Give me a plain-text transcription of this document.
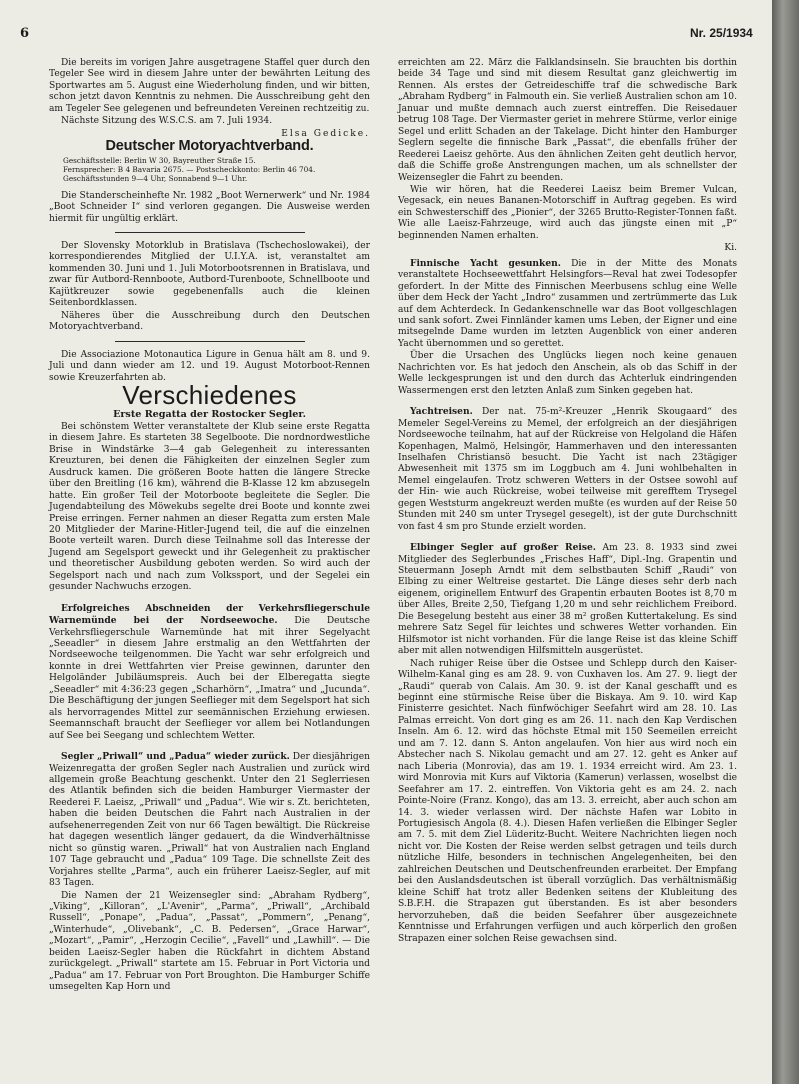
6	Nr. 25/1934

Die bereits im vorigen Jahre ausgetragene Staffel quer durch den Tegeler See wird in diesem Jahre unter der bewährten Leitung des Sportwartes am 5. August eine Wiederholung finden, und wir bitten, schon jetzt davon Kenntnis zu nehmen. Die Ausschreibung geht den am Tegeler See gelegenen und befreundeten Vereinen rechtzeitig zu.

Nächste Sitzung des W.S.C.S. am 7. Juli 1934.

Elsa Gedicke.

Deutscher Motoryachtverband.
Geschäftsstelle: Berlin W 30, Bayreuther Straße 15.
Fernsprecher: B 4 Bavaria 2675. — Postscheckkonto: Berlin 46 704.
Geschäftsstunden 9—4 Uhr, Sonnabend 9—1 Uhr.

Die Standerscheinhefte Nr. 1982 „Boot Wernerwerk“ und Nr. 1984 „Boot Schneider I“ sind verloren gegangen. Die Ausweise werden hiermit für ungültig erklärt.

Der Slovensky Motorklub in Bratislava (Tschechoslowakei), der korrespondierendes Mitglied der U.I.Y.A. ist, veranstaltet am kommenden 30. Juni und 1. Juli Motorbootsrennen in Bratislava, und zwar für Autbord-Rennboote, Autbord-Turenboote, Schnellboote und Kajütkreuzer sowie gegebenenfalls auch die kleinen Seitenbordklassen.

Näheres über die Ausschreibung durch den Deutschen Motoryachtverband.

Die Associazione Motonautica Ligure in Genua hält am 8. und 9. Juli und dann wieder am 12. und 19. August Motorboot-Rennen sowie Kreuzerfahrten ab.

Verschiedenes
Erste Regatta der Rostocker Segler.

Bei schönstem Wetter veranstaltete der Klub seine erste Regatta in diesem Jahre. Es starteten 38 Segelboote. Die nordnordwestliche Brise in Windstärke 3—4 gab Gelegenheit zu interessanten Kreuzturen, bei denen die Fähigkeiten der einzelnen Segler zum Ausdruck kamen. Die größeren Boote hatten die längere Strecke über den Breitling (16 km), während die B-Klasse 12 km abzusegeln hatte. Ein großer Teil der Motorboote begleitete die Segler. Die Jugendabteilung des Möwekubs segelte drei Boote und konnte zwei Preise erringen. Ferner nahmen an dieser Regatta zum ersten Male 20 Mitglieder der Marine-Hitler-Jugend teil, die auf die einzelnen Boote verteilt waren. Durch diese Teilnahme soll das Interesse der Jugend am Segelsport geweckt und ihr Gelegenheit zu praktischer und theoretischer Ausbildung geboten werden. So wird auch der Segelsport nach und nach zum Volkssport, und der Segelei ein gesunder Nachwuchs erzogen.

Erfolgreiches Abschneiden der Verkehrsfliegerschule Warnemünde bei der Nordseewoche. Die Deutsche Verkehrsfliegerschule Warnemünde hat mit ihrer Segelyacht „Seeadler“ in diesem Jahre erstmalig an den Wettfahrten der Nordseewoche teilgenommen. Die Yacht war sehr erfolgreich und konnte in drei Wettfahrten vier Preise gewinnen, darunter den Helgoländer Jubiläumspreis. Auch bei der Elberegatta siegte „Seeadler“ mit 4:36:23 gegen „Scharhörn“, „Imatra“ und „Jucunda“. Die Beschäftigung der jungen Seeflieger mit dem Segelsport hat sich als hervorragendes Mittel zur seemännischen Erziehung erwiesen. Seemannschaft braucht der Seeflieger vor allem bei Notlandungen auf See bei Seegang und schlechtem Wetter.

Segler „Priwall“ und „Padua“ wieder zurück. Der diesjährigen Weizenregatta der großen Segler nach Australien und zurück wird allgemein große Beachtung geschenkt. Unter den 21 Seglerriesen des Atlantik befinden sich die beiden Hamburger Viermaster der Reederei F. Laeisz, „Priwall“ und „Padua“. Wie wir s. Zt. berichteten, haben die beiden Deutschen die Fahrt nach Australien in der aufsehenerregenden Zeit von nur 66 Tagen bewältigt. Die Rückreise hat dagegen wesentlich länger gedauert, da die Windverhältnisse nicht so günstig waren. „Priwall“ hat von Australien nach England 107 Tage gebraucht und „Padua“ 109 Tage. Die schnellste Zeit des Vorjahres stellte „Parma“, auch ein früherer Laeisz-Segler, auf mit 83 Tagen.

Die Namen der 21 Weizensegler sind: „Abraham Rydberg“, „Viking“, „Killoran“, „L'Avenir“, „Parma“, „Priwall“, „Archibald Russell“, „Ponape“, „Padua“, „Passat“, „Pommern“, „Penang“, „Winterhude“, „Olivebank“, „C. B. Pedersen“, „Grace Harwar“, „Mozart“, „Pamir“, „Herzogin Cecilie“, „Favell“ und „Lawhill“. — Die beiden Laeisz-Segler haben die Rückfahrt in dichtem Abstand zurückgelegt. „Priwall“ startete am 15. Februar in Port Victoria und „Padua“ am 17. Februar von Port Broughton. Die Hamburger Schiffe umsegelten Kap Horn und

erreichten am 22. März die Falklandsinseln. Sie brauchten bis dorthin beide 34 Tage und sind mit diesem Resultat ganz gleichwertig im Rennen. Als erstes der Getreideschiffe traf die schwedische Bark „Abraham Rydberg“ in Falmouth ein. Sie verließ Australien schon am 10. Januar und mußte demnach auch zuerst eintreffen. Die Reisedauer betrug 108 Tage. Der Viermaster geriet in mehrere Stürme, verlor einige Segel und erlitt Schaden an der Takelage. Dicht hinter den Hamburger Seglern segelte die finnische Bark „Passat“, die ebenfalls früher der Reederei Laeisz gehörte. Aus den ähnlichen Zeiten geht deutlich hervor, daß die Schiffe große Anstrengungen machen, um als schnellster der Weizensegler die Fahrt zu beenden.

Wie wir hören, hat die Reederei Laeisz beim Bremer Vulcan, Vegesack, ein neues Bananen-Motorschiff in Auftrag gegeben. Es wird ein Schwesterschiff des „Pionier“, der 3265 Brutto-Register-Tonnen faßt. Wie alle Laeisz-Fahrzeuge, wird auch das jüngste einen mit „P“ beginnenden Namen erhalten.

Ki.

Finnische Yacht gesunken. Die in der Mitte des Monats veranstaltete Hochseewettfahrt Helsingfors—Reval hat zwei Todesopfer gefordert. In der Mitte des Finnischen Meerbusens schlug eine Welle über dem Heck der Yacht „Indro“ zusammen und zertrümmerte das Luk auf dem Achterdeck. In Gedankenschnelle war das Boot vollgeschlagen und sank sofort. Zwei Finnländer kamen ums Leben, der Eigner und eine mitsegelnde Dame wurden im letzten Augenblick von einer anderen Yacht übernommen und so gerettet.

Über die Ursachen des Unglücks liegen noch keine genauen Nachrichten vor. Es hat jedoch den Anschein, als ob das Schiff in der Welle leckgesprungen ist und den durch das Achterluk eindringenden Wassermengen erst den letzten Anlaß zum Sinken gegeben hat.

Yachtreisen. Der nat. 75-m²-Kreuzer „Henrik Skougaard“ des Memeler Segel-Vereins zu Memel, der erfolgreich an der diesjährigen Nordseewoche teilnahm, hat auf der Rückreise von Helgoland die Häfen Kopenhagen, Malmö, Helsingör, Hammerhaven und den interessanten Inselhafen Christiansö besucht. Die Yacht ist nach 23tägiger Abwesenheit mit 1375 sm im Loggbuch am 4. Juni wohlbehalten in Memel eingelaufen. Trotz schweren Wetters in der Ostsee sowohl auf der Hin- wie auch Rückreise, wobei teilweise mit gerefftem Trysegel gegen Weststurm angekreuzt werden mußte (es wurden auf der Reise 50 Stunden mit 240 sm unter Trysegel gesegelt), ist der gute Durchschnitt von fast 4 sm pro Stunde erzielt worden.

Elbinger Segler auf großer Reise. Am 23. 8. 1933 sind zwei Mitglieder des Seglerbundes „Frisches Haff“, Dipl.-Ing. Grapentin und Steuermann Joseph Arndt mit dem selbstbauten Schiff „Raudi“ von Elbing zu einer Weltreise gestartet. Die Länge dieses sehr derb nach eigenem, originellem Entwurf des Grapentin erbauten Bootes ist 8,70 m über Alles, Breite 2,50, Tiefgang 1,20 m und sehr reichlichem Freibord. Die Besegelung besteht aus einer 38 m² großen Kuttertakelung. Es sind mehrere Satz Segel für leichtes und schweres Wetter vorhanden. Ein Hilfsmotor ist nicht vorhanden. Für die lange Reise ist das kleine Schiff aber mit allen notwendigen Hilfsmitteln ausgerüstet.

Nach ruhiger Reise über die Ostsee und Schlepp durch den Kaiser-Wilhelm-Kanal ging es am 28. 9. von Cuxhaven los. Am 27. 9. liegt der „Raudi“ querab von Calais. Am 30. 9. ist der Kanal geschafft und es beginnt eine stürmische Reise über die Biskaya. Am 9. 10. wird Kap Finisterre gesichtet. Nach fünfwöchiger Seefahrt wird am 28. 10. Las Palmas erreicht. Von dort ging es am 26. 11. nach den Kap Verdischen Inseln. Am 6. 12. wird das höchste Etmal mit 150 Seemeilen erreicht und am 7. 12. dann S. Anton angelaufen. Von hier aus wird noch ein Abstecher nach S. Nikolau gemacht und am 27. 12. geht es Anker auf nach Liberia (Monrovia), das am 19. 1. 1934 erreicht wird. Am 23. 1. wird Monrovia mit Kurs auf Viktoria (Kamerun) verlassen, woselbst die Seefahrer am 17. 2. eintreffen. Von Viktoria geht es am 24. 2. nach Pointe-Noire (Franz. Kongo), das am 13. 3. erreicht, aber auch schon am 14. 3. wieder verlassen wird. Der nächste Hafen war Lobito in Portugiesisch Angola (8. 4.). Diesen Hafen verließen die Elbinger Segler am 7. 5. mit dem Ziel Lüderitz-Bucht. Weitere Nachrichten liegen noch nicht vor. Die Kosten der Reise werden selbst getragen und teils durch nützliche Hilfe, besonders in technischen Angelegenheiten, bei den zahlreichen Deutschen und Deutschenfreunden erarbeitet. Der Empfang bei den Auslandsdeutschen ist überall vorzüglich. Das verhältnismäßig kleine Schiff hat trotz aller Bedenken seitens der Klubleitung des S.B.F.H. die Strapazen gut überstanden. Es ist aber besonders hervorzuheben, daß die beiden Seefahrer über ausgezeichnete Kenntnisse und Erfahrungen verfügen und auch körperlich den großen Strapazen einer solchen Reise gewachsen sind.
